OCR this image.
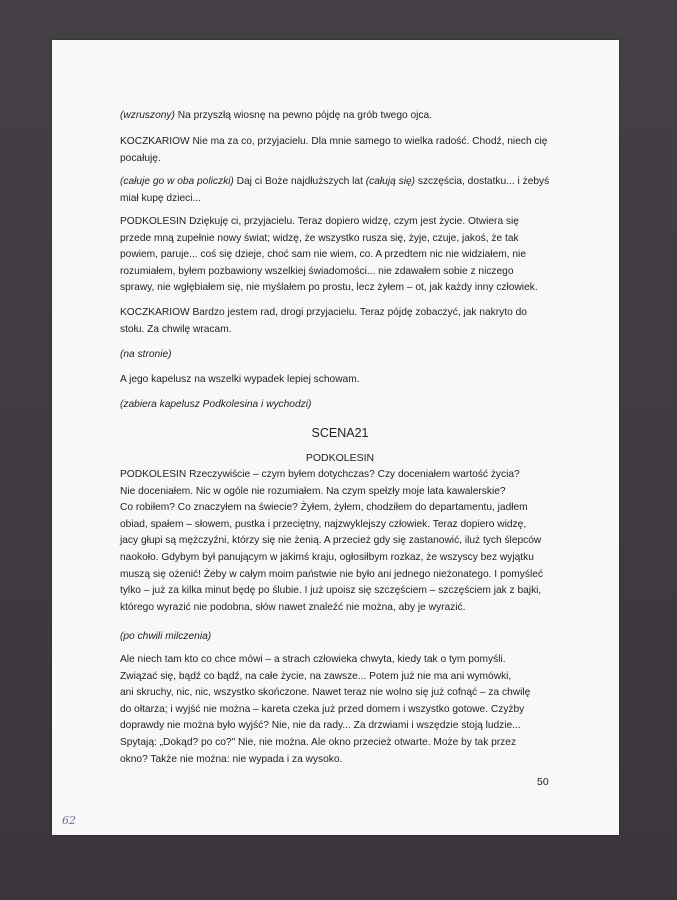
(wzruszony) Na przyszłą wiosnę na pewno pójdę na grób twego ojca.
KOCZKARIOW Nie ma za co, przyjacielu. Dla mnie samego to wielka radość. Chodź, niech cię
pocałuję.
(całuje go w oba policzki) Daj ci Boże najdłuższych lat (całują się) szczęścia, dostatku... i żebyś
miał kupę dzieci...
PODKOLESIN Dziękuję ci, przyjacielu. Teraz dopiero widzę, czym jest życie. Otwiera się
przede mną zupełnie nowy świat; widzę, że wszystko rusza się, żyje, czuje, jakoś, że tak
powiem, paruje... coś się dzieje, choć sam nie wiem, co. A przedtem nic nie widziałem, nie
rozumiałem, byłem pozbawiony wszelkiej świadomości... nie zdawałem sobie z niczego
sprawy, nie wgłębiałem się, nie myślałem po prostu, lecz żyłem – ot, jak każdy inny człowiek.
KOCZKARIOW Bardzo jestem rad, drogi przyjacielu. Teraz pójdę zobaczyć, jak nakryto do
stołu. Za chwilę wracam.
(na stronie)
A jego kapelusz na wszelki wypadek lepiej schowam.
(zabiera kapelusz Podkolesina i wychodzi)
PODKOLESIN Rzeczywiście – czym byłem dotychczas? Czy doceniałem wartość życia?
Nie doceniałem. Nic w ogóle nie rozumiałem. Na czym spełzły moje lata kawalerskie?
Co robiłem? Co znaczyłem na świecie? Żyłem, żyłem, chodziłem do departamentu, jadłem
obiad, spałem – słowem, pustka i przeciętny, najzwyklejszy człowiek. Teraz dopiero widzę,
jacy głupi są mężczyźni, którzy się nie żenią. A przecież gdy się zastanowić, iluż tych ślepców
naokoło. Gdybym był panującym w jakimś kraju, ogłosiłbym rozkaz, że wszyscy bez wyjątku
muszą się ożenić! Żeby w całym moim państwie nie było ani jednego nieżonatego. I pomyśleć
tylko – już za kilka minut będę po ślubie. I już upoisz się szczęściem – szczęściem jak z bajki,
którego wyrazić nie podobna, słów nawet znaleźć nie można, aby je wyrazić.
(po chwili milczenia)
Ale niech tam kto co chce mówi – a strach człowieka chwyta, kiedy tak o tym pomyśli.
Związać się, bądź co bądź, na całe życie, na zawsze... Potem już nie ma ani wymówki,
ani skruchy, nic, nic, wszystko skończone. Nawet teraz nie wolno się już cofnąć – za chwilę
do ołtarza; i wyjść nie można – kareta czeka już przed domem i wszystko gotowe. Czyżby
doprawdy nie można było wyjść? Nie, nie da rady... Za drzwiami i wszędzie stoją ludzie...
Spytają: „Dokąd? po co?" Nie, nie można. Ale okno przecież otwarte. Może by tak przez
okno? Także nie można: nie wypada i za wysoko.
SCENA21
PODKOLESIN
50
62
